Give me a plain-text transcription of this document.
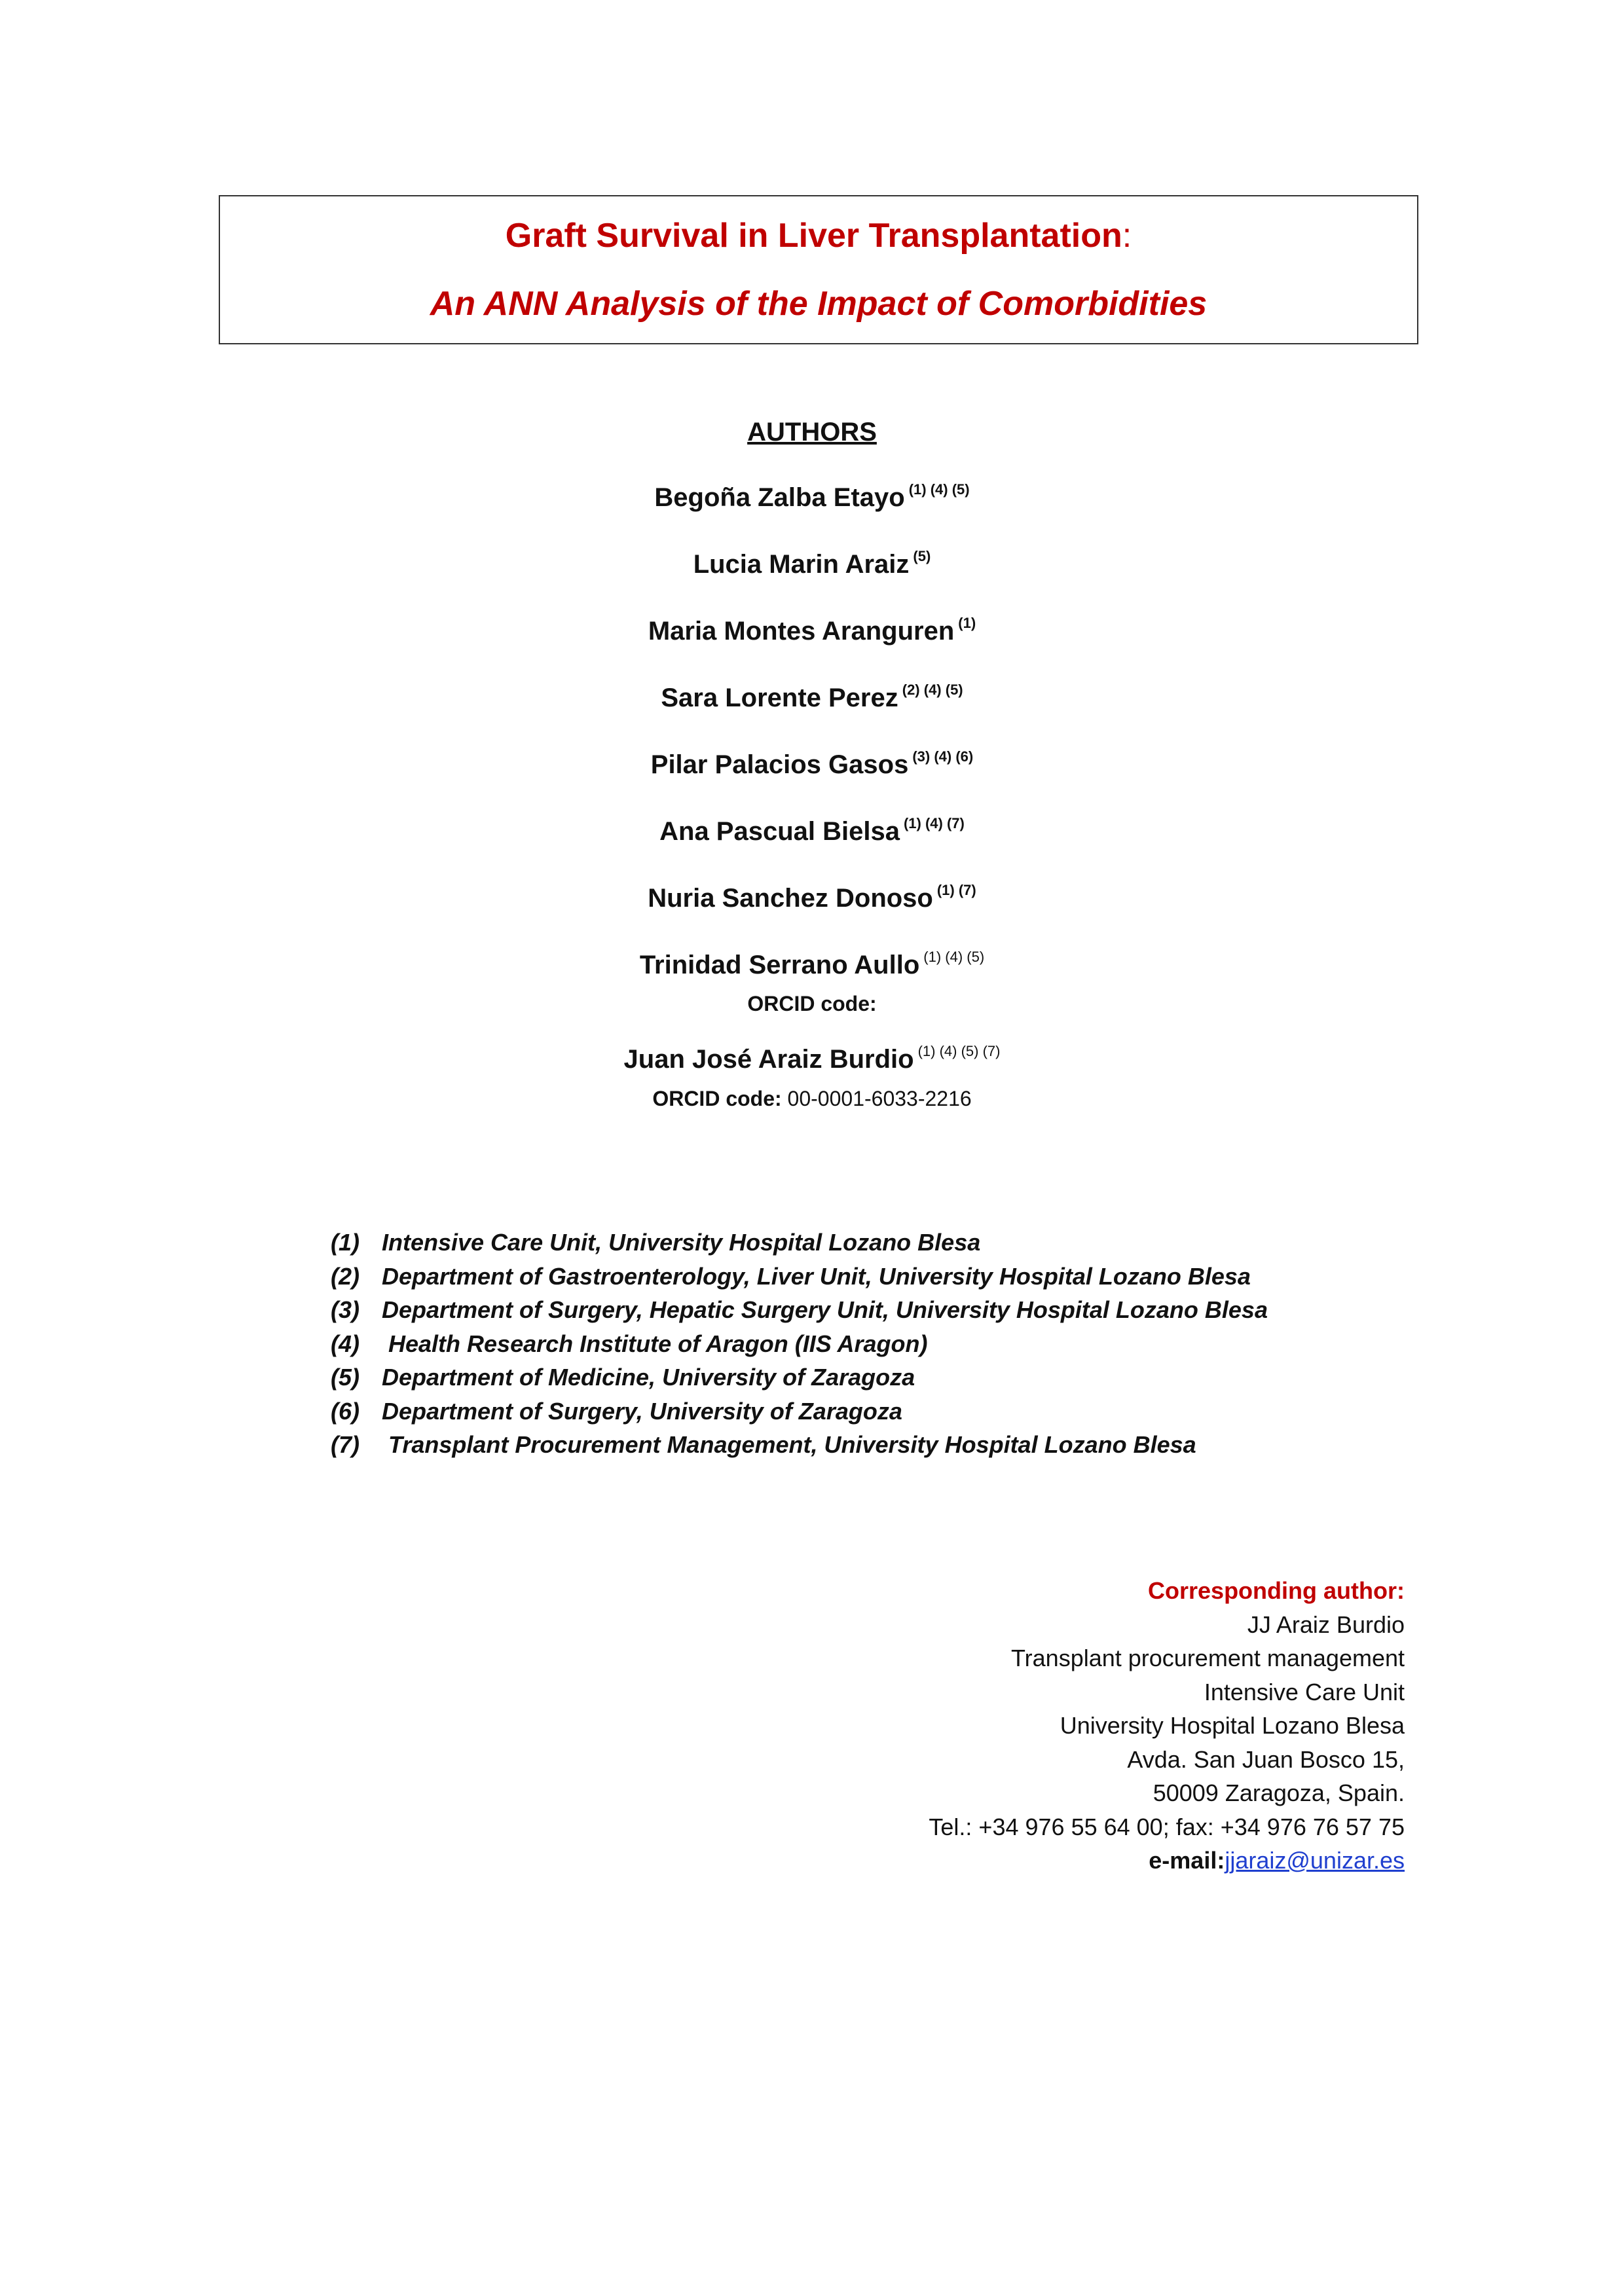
Graft Survival in Liver Transplantation:
An ANN Analysis of the Impact of Comorbidities
AUTHORS
Begoña Zalba Etayo $^{(1) (4) (5)}$
Lucia Marin Araiz $^{(5)}$
Maria Montes Aranguren $^{(1)}$
Sara Lorente Perez $^{(2) (4) (5)}$
Pilar Palacios Gasos $^{(3) (4) (6)}$
Ana Pascual Bielsa $^{(1) (4) (7)}$
Nuria Sanchez Donoso $^{(1) (7)}$
Trinidad Serrano Aullo $^{(1) (4) (5)}$
ORCID code:
Juan José Araiz Burdio $^{(1) (4) (5) (7)}$
ORCID code: 00-0001-6033-2216
(1) Intensive Care Unit, University Hospital Lozano Blesa
(2) Department of Gastroenterology, Liver Unit, University Hospital Lozano Blesa
(3) Department of Surgery, Hepatic Surgery Unit, University Hospital Lozano Blesa
(4) Health Research Institute of Aragon (IIS Aragon)
(5) Department of Medicine, University of Zaragoza
(6) Department of Surgery, University of Zaragoza
(7) Transplant Procurement Management, University Hospital Lozano Blesa
Corresponding author:
JJ Araiz Burdio
Transplant procurement management
Intensive Care Unit
University Hospital Lozano Blesa
Avda. San Juan Bosco 15,
50009 Zaragoza, Spain.
Tel.: +34 976 55 64 00; fax: +34 976 76 57 75
e-mail:jjaraiz@unizar.es
